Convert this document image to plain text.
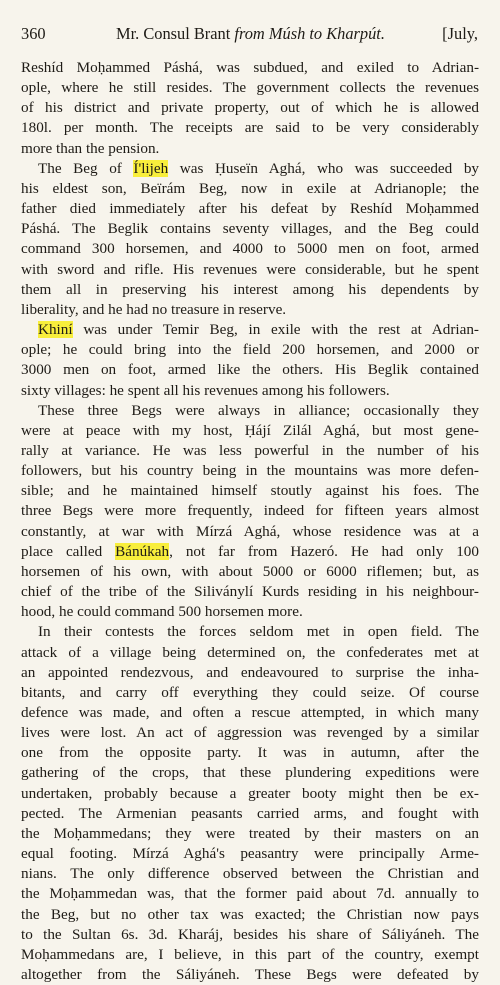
360	Mr. Consul Brant from Músh to Kharpút.	[July,
Reshíd Moḥammed Páshá, was subdued, and exiled to Adrian-
ople, where he still resides. The government collects the revenues
of his district and private property, out of which he is allowed
180l. per month. The receipts are said to be very considerably
more than the pension.
The Beg of Í'lijeh was Ḥuseïn Aghá, who was succeeded by
his eldest son, Beïrám Beg, now in exile at Adrianople; the
father died immediately after his defeat by Reshíd Moḥammed
Páshá. The Beglik contains seventy villages, and the Beg could
command 300 horsemen, and 4000 to 5000 men on foot, armed
with sword and rifle. His revenues were considerable, but he spent
them all in preserving his interest among his dependents by
liberality, and he had no treasure in reserve.
Khiní was under Temir Beg, in exile with the rest at Adrian-
ople; he could bring into the field 200 horsemen, and 2000 or
3000 men on foot, armed like the others. His Beglik contained
sixty villages: he spent all his revenues among his followers.
These three Begs were always in alliance; occasionally they
were at peace with my host, Ḥájí Zilál Aghá, but most gene-
rally at variance. He was less powerful in the number of his
followers, but his country being in the mountains was more defen-
sible; and he maintained himself stoutly against his foes. The
three Begs were more frequently, indeed for fifteen years almost
constantly, at war with Mírzá Aghá, whose residence was at a
place called Bánúkah, not far from Hazeró. He had only 100
horsemen of his own, with about 5000 or 6000 riflemen; but, as
chief of the tribe of the Siliványlí Kurds residing in his neighbour-
hood, he could command 500 horsemen more.
In their contests the forces seldom met in open field. The
attack of a village being determined on, the confederates met at
an appointed rendezvous, and endeavoured to surprise the inha-
bitants, and carry off everything they could seize. Of course
defence was made, and often a rescue attempted, in which many
lives were lost. An act of aggression was revenged by a similar
one from the opposite party. It was in autumn, after the
gathering of the crops, that these plundering expeditions were
undertaken, probably because a greater booty might then be ex-
pected. The Armenian peasants carried arms, and fought with
the Moḥammedans; they were treated by their masters on an
equal footing. Mírzá Aghá's peasantry were principally Arme-
nians. The only difference observed between the Christian and
the Moḥammedan was, that the former paid about 7d. annually to
the Beg, but no other tax was exacted; the Christian now pays
to the Sultan 6s. 3d. Kharáj, besides his share of Sáliyáneh. The
Moḥammedans are, I believe, in this part of the country, exempt
altogether from the Sáliyáneh. These Begs were defeated by
